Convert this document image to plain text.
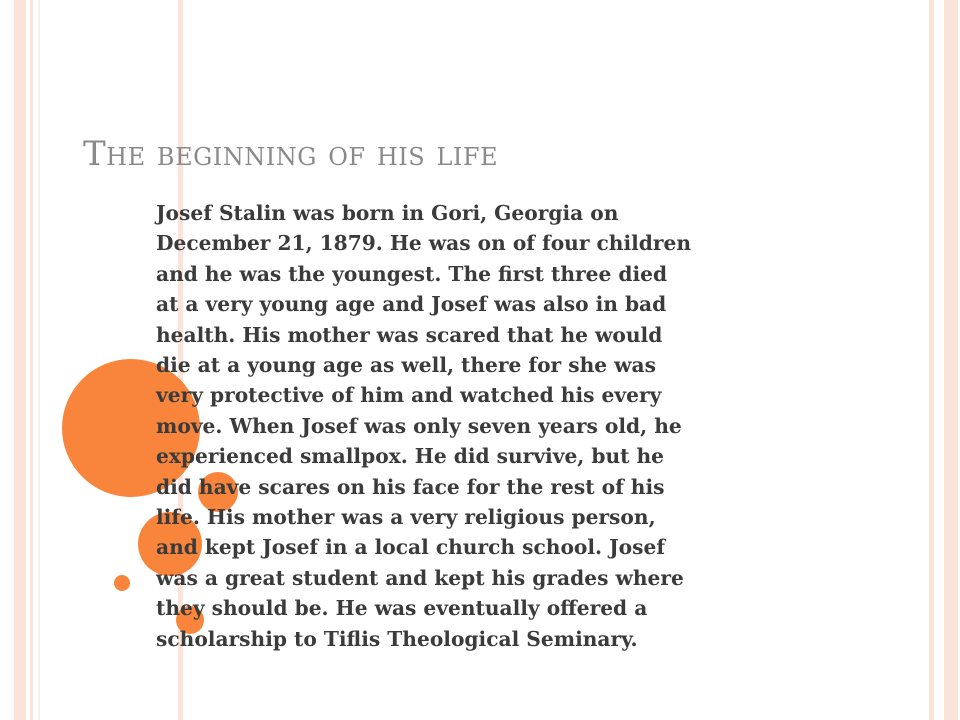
The beginning of his life
Josef Stalin was born in Gori, Georgia on
December 21, 1879. He was on of four children
and he was the youngest. The first three died
at a very young age and Josef was also in bad
health. His mother was scared that he would
die at a young age as well, there for she was
very protective of him and watched his every
move. When Josef was only seven years old, he
experienced smallpox. He did survive, but he
did have scares on his face for the rest of his
life. His mother was a very religious person,
and kept Josef in a local church school. Josef
was a great student and kept his grades where
they should be. He was eventually offered a
scholarship to Tiflis Theological Seminary.
